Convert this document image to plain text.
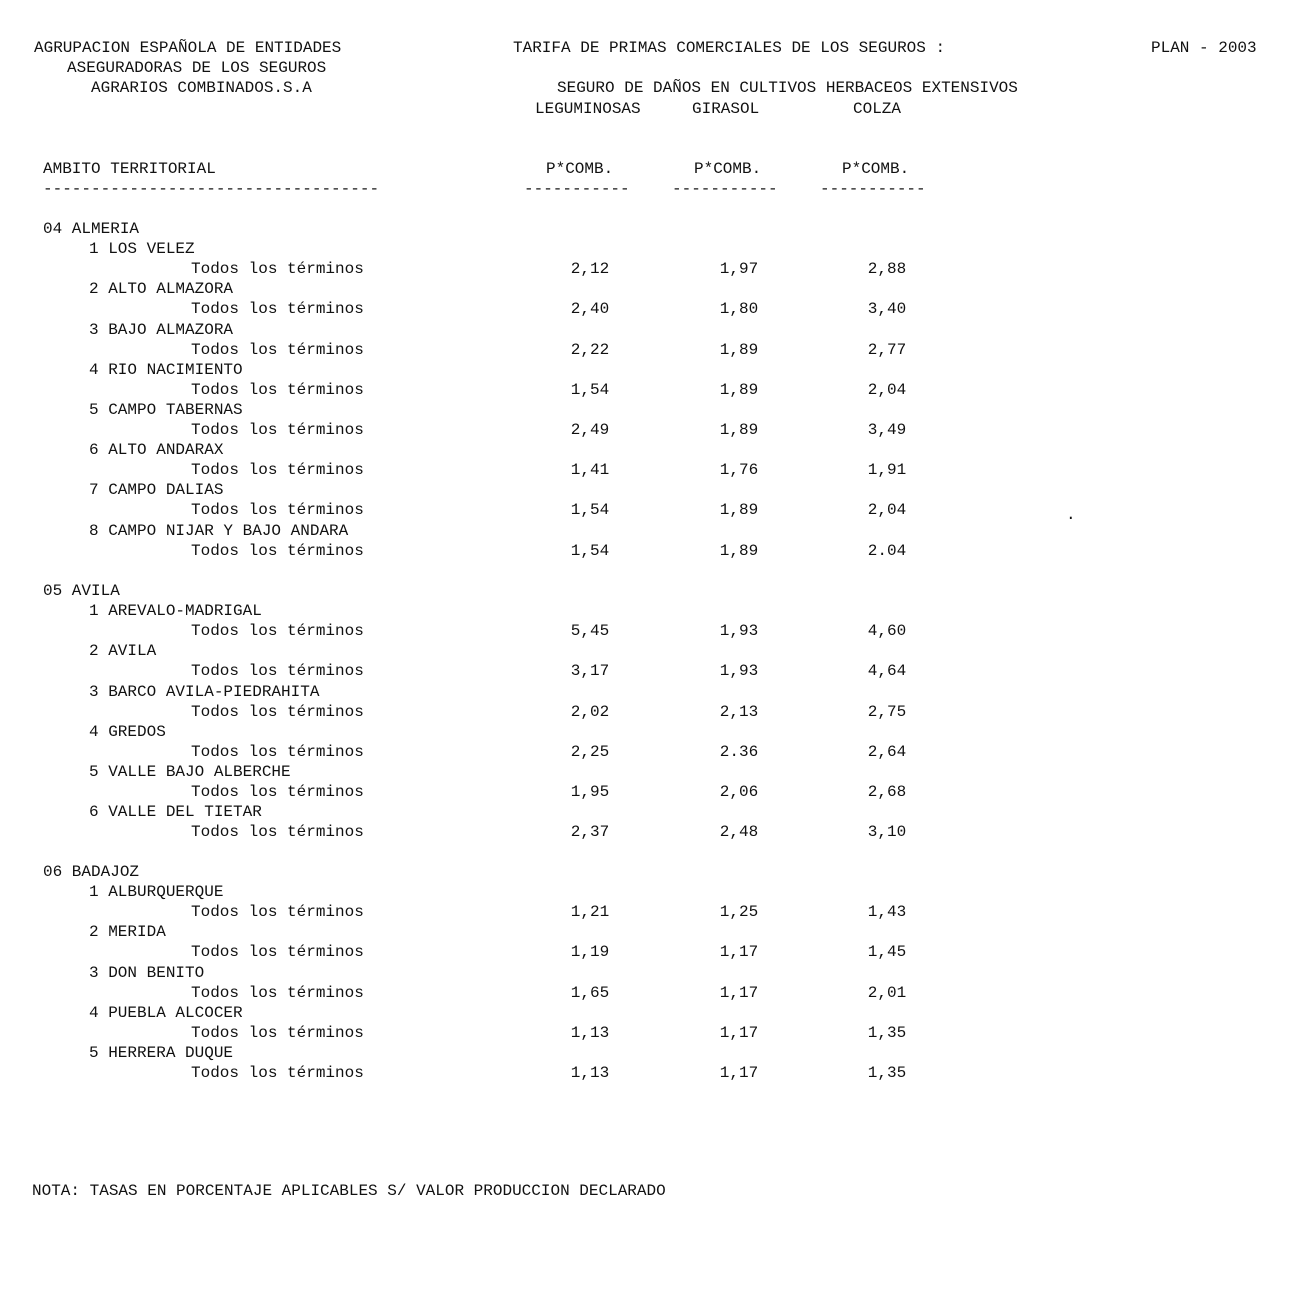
AGRUPACION ESPAÑOLA DE ENTIDADES
ASEGURADORAS DE LOS SEGUROS
AGRARIOS COMBINADOS.S.A
TARIFA DE PRIMAS COMERCIALES DE LOS SEGUROS :	PLAN - 2003
SEGURO DE DAÑOS EN CULTIVOS HERBACEOS EXTENSIVOS
LEGUMINOSAS	GIRASOL	COLZA
AMBITO TERRITORIAL	P*COMB.	P*COMB.	P*COMB.
-----------------------------------	-----------	-----------	-----------
04 ALMERIA
1 LOS VELEZ
Todos los términos	2,12	1,97	2,88
2 ALTO ALMAZORA
Todos los términos	2,40	1,80	3,40
3 BAJO ALMAZORA
Todos los términos	2,22	1,89	2,77
4 RIO NACIMIENTO
Todos los términos	1,54	1,89	2,04
5 CAMPO TABERNAS
Todos los términos	2,49	1,89	3,49
6 ALTO ANDARAX
Todos los términos	1,41	1,76	1,91
7 CAMPO DALIAS
Todos los términos	1,54	1,89	2,04
8 CAMPO NIJAR Y BAJO ANDARA
Todos los términos	1,54	1,89	2.04
05 AVILA
1 AREVALO-MADRIGAL
Todos los términos	5,45	1,93	4,60
2 AVILA
Todos los términos	3,17	1,93	4,64
3 BARCO AVILA-PIEDRAHITA
Todos los términos	2,02	2,13	2,75
4 GREDOS
Todos los términos	2,25	2.36	2,64
5 VALLE BAJO ALBERCHE
Todos los términos	1,95	2,06	2,68
6 VALLE DEL TIETAR
Todos los términos	2,37	2,48	3,10
06 BADAJOZ
1 ALBURQUERQUE
Todos los términos	1,21	1,25	1,43
2 MERIDA
Todos los términos	1,19	1,17	1,45
3 DON BENITO
Todos los términos	1,65	1,17	2,01
4 PUEBLA ALCOCER
Todos los términos	1,13	1,17	1,35
5 HERRERA DUQUE
Todos los términos	1,13	1,17	1,35
·
NOTA: TASAS EN PORCENTAJE APLICABLES S/ VALOR PRODUCCION DECLARADO
